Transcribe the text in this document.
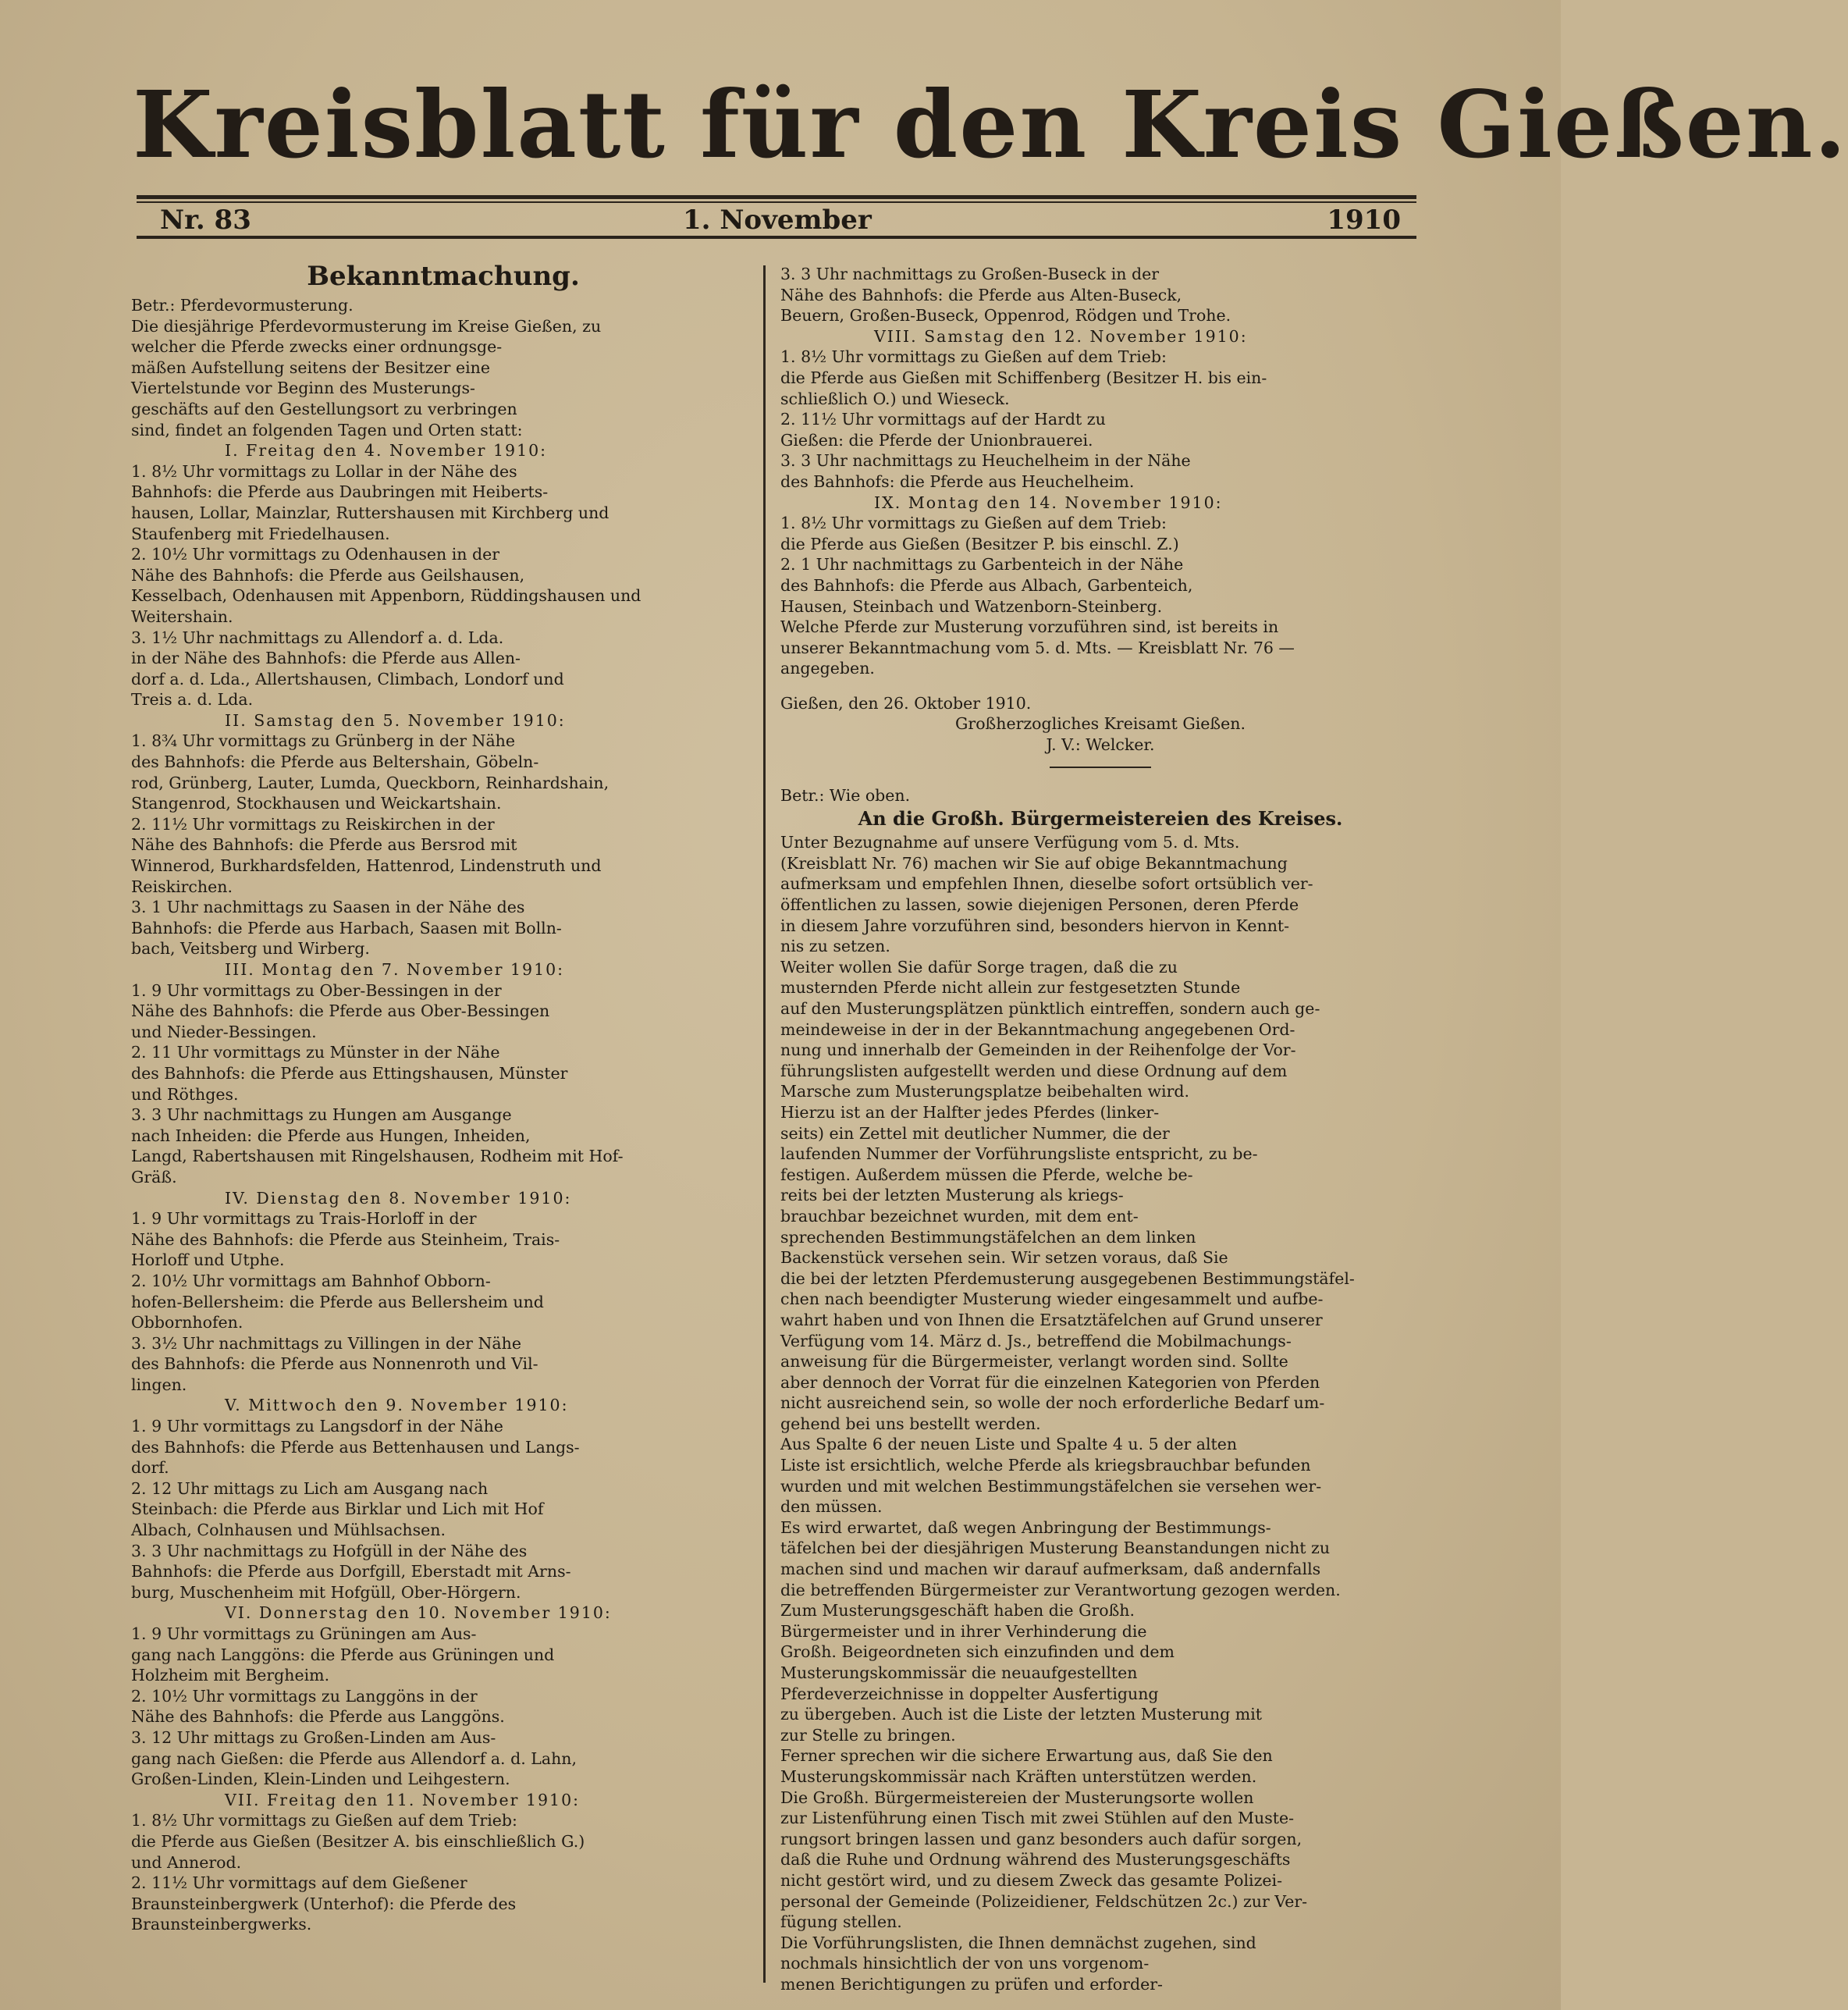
Kreisblatt für den Kreis Gießen.
Nr. 83	1. November	1910
Bekanntmachung.
Betr.: Pferdevormusterung.
Die diesjährige Pferdevormusterung im Kreise Gießen, zu
welcher die Pferde zwecks einer ordnungsge-
mäßen Aufstellung seitens der Besitzer eine
Viertelstunde vor Beginn des Musterungs-
geschäfts auf den Gestellungsort zu verbringen
sind, findet an folgenden Tagen und Orten statt:
I. Freitag den 4. November 1910:
1. 8½ Uhr vormittags zu Lollar in der Nähe des
Bahnhofs: die Pferde aus Daubringen mit Heiberts-
hausen, Lollar, Mainzlar, Ruttershausen mit Kirchberg und
Staufenberg mit Friedelhausen.
2. 10½ Uhr vormittags zu Odenhausen in der
Nähe des Bahnhofs: die Pferde aus Geilshausen,
Kesselbach, Odenhausen mit Appenborn, Rüddingshausen und
Weitershain.
3. 1½ Uhr nachmittags zu Allendorf a. d. Lda.
in der Nähe des Bahnhofs: die Pferde aus Allen-
dorf a. d. Lda., Allertshausen, Climbach, Londorf und
Treis a. d. Lda.
II. Samstag den 5. November 1910:
1. 8¾ Uhr vormittags zu Grünberg in der Nähe
des Bahnhofs: die Pferde aus Beltershain, Göbeln-
rod, Grünberg, Lauter, Lumda, Queckborn, Reinhardshain,
Stangenrod, Stockhausen und Weickartshain.
2. 11½ Uhr vormittags zu Reiskirchen in der
Nähe des Bahnhofs: die Pferde aus Bersrod mit
Winnerod, Burkhardsfelden, Hattenrod, Lindenstruth und
Reiskirchen.
3. 1 Uhr nachmittags zu Saasen in der Nähe des
Bahnhofs: die Pferde aus Harbach, Saasen mit Bolln-
bach, Veitsberg und Wirberg.
III. Montag den 7. November 1910:
1. 9 Uhr vormittags zu Ober-Bessingen in der
Nähe des Bahnhofs: die Pferde aus Ober-Bessingen
und Nieder-Bessingen.
2. 11 Uhr vormittags zu Münster in der Nähe
des Bahnhofs: die Pferde aus Ettingshausen, Münster
und Röthges.
3. 3 Uhr nachmittags zu Hungen am Ausgange
nach Inheiden: die Pferde aus Hungen, Inheiden,
Langd, Rabertshausen mit Ringelshausen, Rodheim mit Hof-
Gräß.
IV. Dienstag den 8. November 1910:
1. 9 Uhr vormittags zu Trais-Horloff in der
Nähe des Bahnhofs: die Pferde aus Steinheim, Trais-
Horloff und Utphe.
2. 10½ Uhr vormittags am Bahnhof Obborn-
hofen-Bellersheim: die Pferde aus Bellersheim und
Obbornhofen.
3. 3½ Uhr nachmittags zu Villingen in der Nähe
des Bahnhofs: die Pferde aus Nonnenroth und Vil-
lingen.
V. Mittwoch den 9. November 1910:
1. 9 Uhr vormittags zu Langsdorf in der Nähe
des Bahnhofs: die Pferde aus Bettenhausen und Langs-
dorf.
2. 12 Uhr mittags zu Lich am Ausgang nach
Steinbach: die Pferde aus Birklar und Lich mit Hof
Albach, Colnhausen und Mühlsachsen.
3. 3 Uhr nachmittags zu Hofgüll in der Nähe des
Bahnhofs: die Pferde aus Dorfgill, Eberstadt mit Arns-
burg, Muschenheim mit Hofgüll, Ober-Hörgern.
VI. Donnerstag den 10. November 1910:
1. 9 Uhr vormittags zu Grüningen am Aus-
gang nach Langgöns: die Pferde aus Grüningen und
Holzheim mit Bergheim.
2. 10½ Uhr vormittags zu Langgöns in der
Nähe des Bahnhofs: die Pferde aus Langgöns.
3. 12 Uhr mittags zu Großen-Linden am Aus-
gang nach Gießen: die Pferde aus Allendorf a. d. Lahn,
Großen-Linden, Klein-Linden und Leihgestern.
VII. Freitag den 11. November 1910:
1. 8½ Uhr vormittags zu Gießen auf dem Trieb:
die Pferde aus Gießen (Besitzer A. bis einschließlich G.)
und Annerod.
2. 11½ Uhr vormittags auf dem Gießener
Braunsteinbergwerk (Unterhof): die Pferde des
Braunsteinbergwerks.
3. 3 Uhr nachmittags zu Großen-Buseck in der
Nähe des Bahnhofs: die Pferde aus Alten-Buseck,
Beuern, Großen-Buseck, Oppenrod, Rödgen und Trohe.
VIII. Samstag den 12. November 1910:
1. 8½ Uhr vormittags zu Gießen auf dem Trieb:
die Pferde aus Gießen mit Schiffenberg (Besitzer H. bis ein-
schließlich O.) und Wieseck.
2. 11½ Uhr vormittags auf der Hardt zu
Gießen: die Pferde der Unionbrauerei.
3. 3 Uhr nachmittags zu Heuchelheim in der Nähe
des Bahnhofs: die Pferde aus Heuchelheim.
IX. Montag den 14. November 1910:
1. 8½ Uhr vormittags zu Gießen auf dem Trieb:
die Pferde aus Gießen (Besitzer P. bis einschl. Z.)
2. 1 Uhr nachmittags zu Garbenteich in der Nähe
des Bahnhofs: die Pferde aus Albach, Garbenteich,
Hausen, Steinbach und Watzenborn-Steinberg.
Welche Pferde zur Musterung vorzuführen sind, ist bereits in
unserer Bekanntmachung vom 5. d. Mts. — Kreisblatt Nr. 76 —
angegeben.
Gießen, den 26. Oktober 1910.
Großherzogliches Kreisamt Gießen.
J. V.: Welcker.
Betr.: Wie oben.
An die Großh. Bürgermeistereien des Kreises.
Unter Bezugnahme auf unsere Verfügung vom 5. d. Mts.
(Kreisblatt Nr. 76) machen wir Sie auf obige Bekanntmachung
aufmerksam und empfehlen Ihnen, dieselbe sofort ortsüblich ver-
öffentlichen zu lassen, sowie diejenigen Personen, deren Pferde
in diesem Jahre vorzuführen sind, besonders hiervon in Kennt-
nis zu setzen.
Weiter wollen Sie dafür Sorge tragen, daß die zu
musternden Pferde nicht allein zur festgesetzten Stunde
auf den Musterungsplätzen pünktlich eintreffen, sondern auch ge-
meindeweise in der in der Bekanntmachung angegebenen Ord-
nung und innerhalb der Gemeinden in der Reihenfolge der Vor-
führungslisten aufgestellt werden und diese Ordnung auf dem
Marsche zum Musterungsplatze beibehalten wird.
Hierzu ist an der Halfter jedes Pferdes (linker-
seits) ein Zettel mit deutlicher Nummer, die der
laufenden Nummer der Vorführungsliste entspricht, zu be-
festigen. Außerdem müssen die Pferde, welche be-
reits bei der letzten Musterung als kriegs-
brauchbar bezeichnet wurden, mit dem ent-
sprechenden Bestimmungstäfelchen an dem linken
Backenstück versehen sein. Wir setzen voraus, daß Sie
die bei der letzten Pferdemusterung ausgegebenen Bestimmungstäfel-
chen nach beendigter Musterung wieder eingesammelt und aufbe-
wahrt haben und von Ihnen die Ersatztäfelchen auf Grund unserer
Verfügung vom 14. März d. Js., betreffend die Mobilmachungs-
anweisung für die Bürgermeister, verlangt worden sind. Sollte
aber dennoch der Vorrat für die einzelnen Kategorien von Pferden
nicht ausreichend sein, so wolle der noch erforderliche Bedarf um-
gehend bei uns bestellt werden.
Aus Spalte 6 der neuen Liste und Spalte 4 u. 5 der alten
Liste ist ersichtlich, welche Pferde als kriegsbrauchbar befunden
wurden und mit welchen Bestimmungstäfelchen sie versehen wer-
den müssen.
Es wird erwartet, daß wegen Anbringung der Bestimmungs-
täfelchen bei der diesjährigen Musterung Beanstandungen nicht zu
machen sind und machen wir darauf aufmerksam, daß andernfalls
die betreffenden Bürgermeister zur Verantwortung gezogen werden.
Zum Musterungsgeschäft haben die Großh.
Bürgermeister und in ihrer Verhinderung die
Großh. Beigeordneten sich einzufinden und dem
Musterungskommissär die neuaufgestellten
Pferdeverzeichnisse in doppelter Ausfertigung
zu übergeben. Auch ist die Liste der letzten Musterung mit
zur Stelle zu bringen.
Ferner sprechen wir die sichere Erwartung aus, daß Sie den
Musterungskommissär nach Kräften unterstützen werden.
Die Großh. Bürgermeistereien der Musterungsorte wollen
zur Listenführung einen Tisch mit zwei Stühlen auf den Muste-
rungsort bringen lassen und ganz besonders auch dafür sorgen,
daß die Ruhe und Ordnung während des Musterungsgeschäfts
nicht gestört wird, und zu diesem Zweck das gesamte Polizei-
personal der Gemeinde (Polizeidiener, Feldschützen 2c.) zur Ver-
fügung stellen.
Die Vorführungslisten, die Ihnen demnächst zugehen, sind
nochmals hinsichtlich der von uns vorgenom-
menen Berichtigungen zu prüfen und erforder-
